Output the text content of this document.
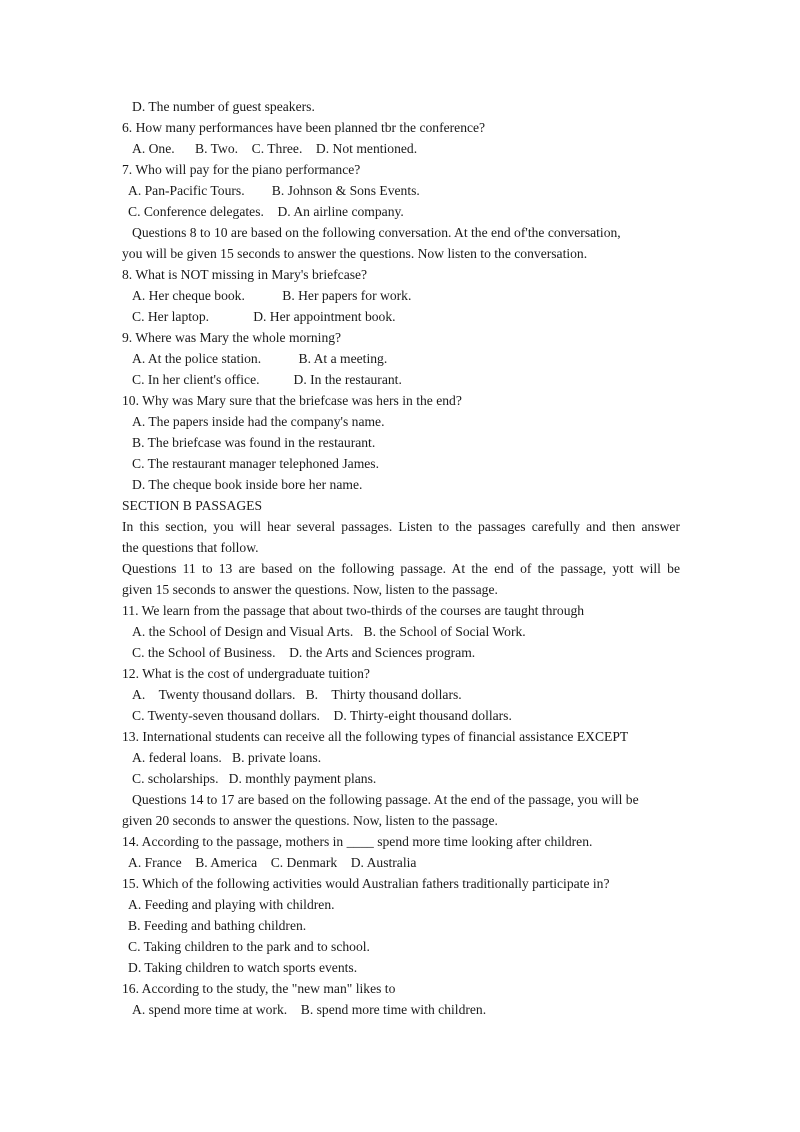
D. The number of guest speakers.
6. How many performances have been planned tbr the conference?
A. One.      B. Two.    C. Three.    D. Not mentioned.
7. Who will pay for the piano performance?
A. Pan-Pacific Tours.        B. Johnson & Sons Events.
C. Conference delegates.    D. An airline company.
Questions 8 to 10 are based on the following conversation. At the end of'the conversation,
you will be given 15 seconds to answer the questions. Now listen to the conversation.
8. What is NOT missing in Mary's briefcase?
A. Her cheque book.           B. Her papers for work.
C. Her laptop.             D. Her appointment book.
9. Where was Mary the whole morning?
A. At the police station.           B. At a meeting.
C. In her client's office.          D. In the restaurant.
10. Why was Mary sure that the briefcase was hers in the end?
A. The papers inside had the company's name.
B. The briefcase was found in the restaurant.
C. The restaurant manager telephoned James.
D. The cheque book inside bore her name.
SECTION B PASSAGES
In this section, you will hear several passages. Listen to the passages carefully and then answer
the questions that follow.
Questions 11 to 13 are based on the following passage. At the end of the passage, yott will be
given 15 seconds to answer the questions. Now, listen to the passage.
11. We learn from the passage that about two-thirds of the courses are taught through
A. the School of Design and Visual Arts.   B. the School of Social Work.
C. the School of Business.    D. the Arts and Sciences program.
12. What is the cost of undergraduate tuition?
A.    Twenty thousand dollars.   B.    Thirty thousand dollars.
C. Twenty-seven thousand dollars.    D. Thirty-eight thousand dollars.
13. International students can receive all the following types of financial assistance EXCEPT
A. federal loans.   B. private loans.
C. scholarships.   D. monthly payment plans.
Questions 14 to 17 are based on the following passage. At the end of the passage, you will be
given 20 seconds to answer the questions. Now, listen to the passage.
14. According to the passage, mothers in ____ spend more time looking after children.
A. France    B. America    C. Denmark    D. Australia
15. Which of the following activities would Australian fathers traditionally participate in?
A. Feeding and playing with children.
B. Feeding and bathing children.
C. Taking children to the park and to school.
D. Taking children to watch sports events.
16. According to the study, the "new man" likes to
A. spend more time at work.    B. spend more time with children.
